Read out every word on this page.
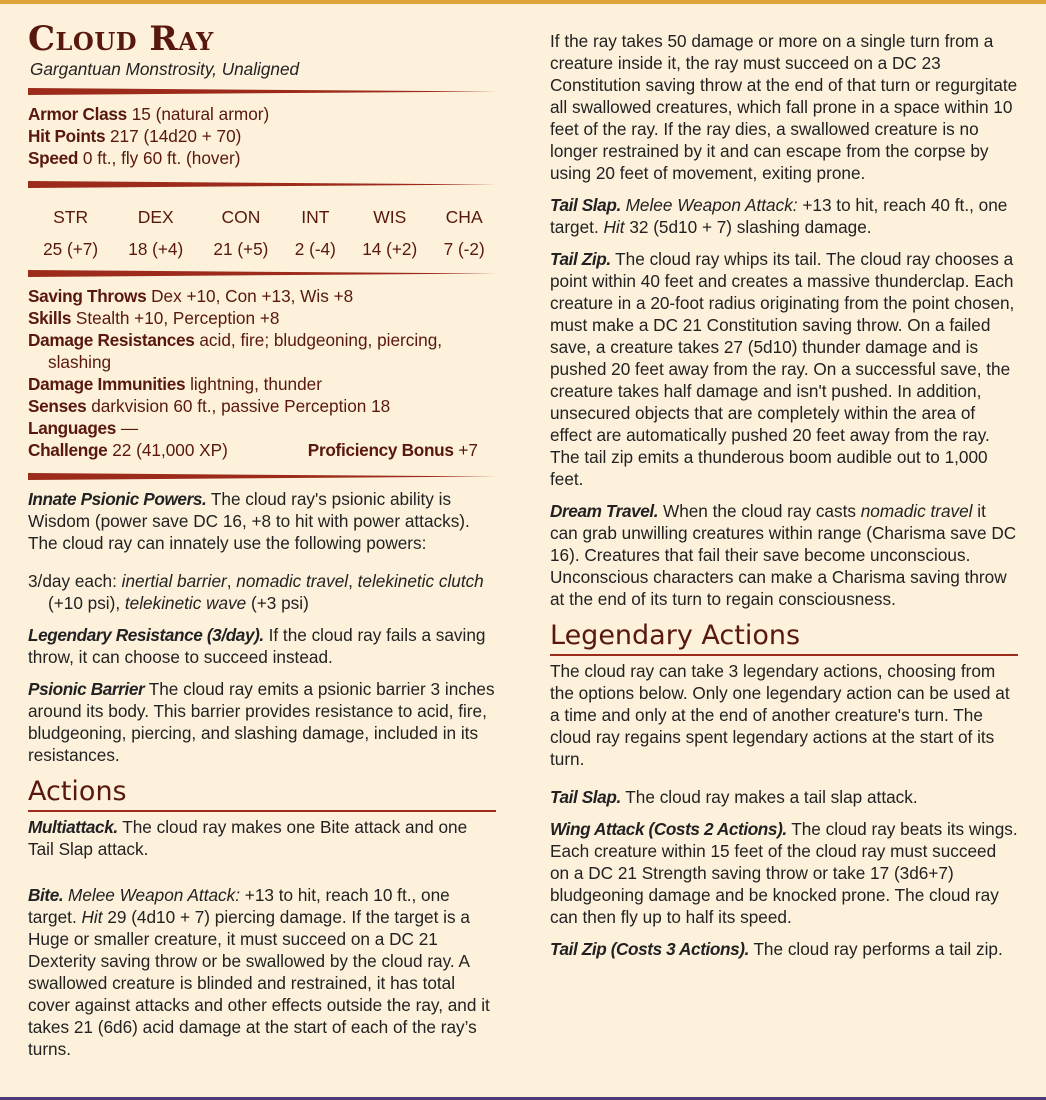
Cloud Ray

Gargantuan Monstrosity, Unaligned

Armor Class 15 (natural armor)

Hit Points 217 (14d20 + 70)

Speed 0 ft., fly 60 ft. (hover)

STR	DEX	CON	INT	WIS	CHA
25 (+7)	18 (+4)	21 (+5)	2 (-4)	14 (+2)	7 (-2)

Saving Throws Dex +10, Con +13, Wis +8

Skills Stealth +10, Perception +8

Damage Resistances acid, fire; bludgeoning, piercing, slashing

Damage Immunities lightning, thunder

Senses darkvision 60 ft., passive Perception 18

Languages —

Challenge 22 (41,000 XP)	Proficiency Bonus +7

Innate Psionic Powers. The cloud ray's psionic ability is Wisdom (power save DC 16, +8 to hit with power attacks). The cloud ray can innately use the following powers:

3/day each: inertial barrier, nomadic travel, telekinetic clutch (+10 psi), telekinetic wave (+3 psi)

Legendary Resistance (3/day). If the cloud ray fails a saving throw, it can choose to succeed instead.

Psionic Barrier The cloud ray emits a psionic barrier 3 inches around its body. This barrier provides resistance to acid, fire, bludgeoning, piercing, and slashing damage, included in its resistances.

Actions

Multiattack. The cloud ray makes one Bite attack and one Tail Slap attack.

Bite. Melee Weapon Attack: +13 to hit, reach 10 ft., one target. Hit 29 (4d10 + 7) piercing damage. If the target is a Huge or smaller creature, it must succeed on a DC 21 Dexterity saving throw or be swallowed by the cloud ray. A swallowed creature is blinded and restrained, it has total cover against attacks and other effects outside the ray, and it takes 21 (6d6) acid damage at the start of each of the ray’s turns.

If the ray takes 50 damage or more on a single turn from a creature inside it, the ray must succeed on a DC 23 Constitution saving throw at the end of that turn or regurgitate all swallowed creatures, which fall prone in a space within 10 feet of the ray. If the ray dies, a swallowed creature is no longer restrained by it and can escape from the corpse by using 20 feet of movement, exiting prone.

Tail Slap. Melee Weapon Attack: +13 to hit, reach 40 ft., one target. Hit 32 (5d10 + 7) slashing damage.

Tail Zip. The cloud ray whips its tail. The cloud ray chooses a point within 40 feet and creates a massive thunderclap. Each creature in a 20-foot radius originating from the point chosen, must make a DC 21 Constitution saving throw. On a failed save, a creature takes 27 (5d10) thunder damage and is pushed 20 feet away from the ray. On a successful save, the creature takes half damage and isn't pushed. In addition, unsecured objects that are completely within the area of effect are automatically pushed 20 feet away from the ray. The tail zip emits a thunderous boom audible out to 1,000 feet.

Dream Travel. When the cloud ray casts nomadic travel it can grab unwilling creatures within range (Charisma save DC 16). Creatures that fail their save become unconscious. Unconscious characters can make a Charisma saving throw at the end of its turn to regain consciousness.

Legendary Actions

The cloud ray can take 3 legendary actions, choosing from the options below. Only one legendary action can be used at a time and only at the end of another creature's turn. The cloud ray regains spent legendary actions at the start of its turn.

Tail Slap. The cloud ray makes a tail slap attack.

Wing Attack (Costs 2 Actions). The cloud ray beats its wings. Each creature within 15 feet of the cloud ray must succeed on a DC 21 Strength saving throw or take 17 (3d6+7) bludgeoning damage and be knocked prone. The cloud ray can then fly up to half its speed.

Tail Zip (Costs 3 Actions). The cloud ray performs a tail zip.
